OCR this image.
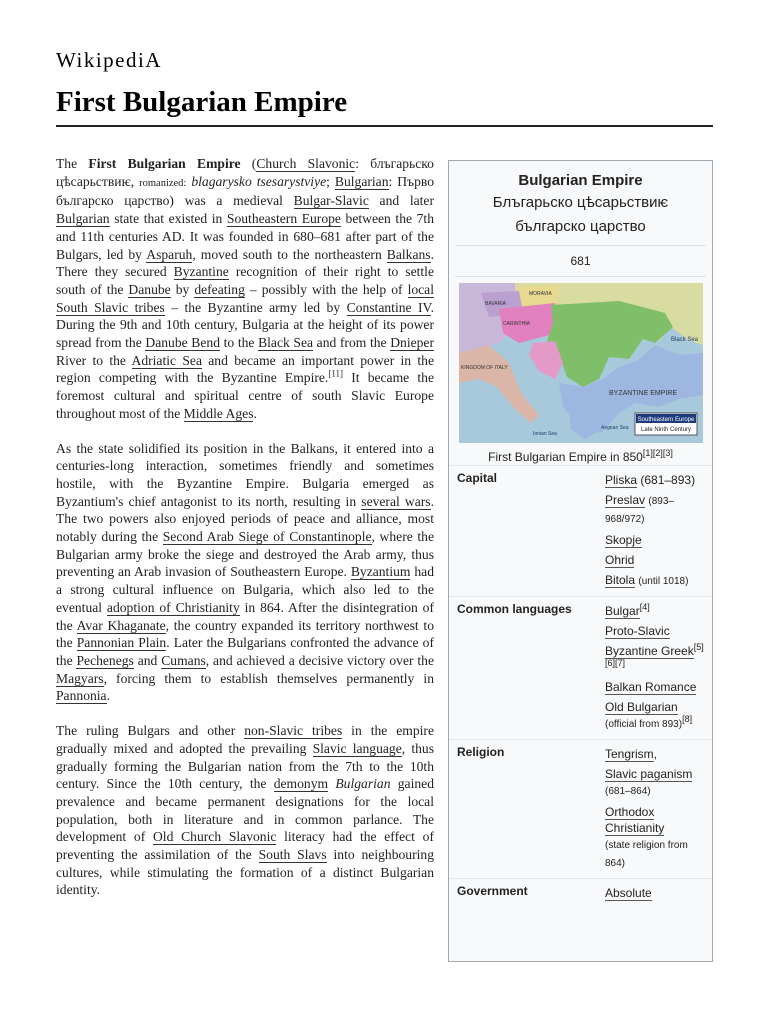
WikipediA
First Bulgarian Empire

The First Bulgarian Empire (Church Slavonic: блъгарьско цѣсарьствиѥ, romanized: blagarysko tsesarystviye; Bulgarian: Първо българско царство) was a medieval Bulgar-Slavic and later Bulgarian state that existed in Southeastern Europe between the 7th and 11th centuries AD. It was founded in 680–681 after part of the Bulgars, led by Asparuh, moved south to the northeastern Balkans. There they secured Byzantine recognition of their right to settle south of the Danube by defeating – possibly with the help of local South Slavic tribes – the Byzantine army led by Constantine IV. During the 9th and 10th century, Bulgaria at the height of its power spread from the Danube Bend to the Black Sea and from the Dnieper River to the Adriatic Sea and became an important power in the region competing with the Byzantine Empire.[11] It became the foremost cultural and spiritual centre of south Slavic Europe throughout most of the Middle Ages.

As the state solidified its position in the Balkans, it entered into a centuries-long interaction, sometimes friendly and sometimes hostile, with the Byzantine Empire. Bulgaria emerged as Byzantium's chief antagonist to its north, resulting in several wars. The two powers also enjoyed periods of peace and alliance, most notably during the Second Arab Siege of Constantinople, where the Bulgarian army broke the siege and destroyed the Arab army, thus preventing an Arab invasion of Southeastern Europe. Byzantium had a strong cultural influence on Bulgaria, which also led to the eventual adoption of Christianity in 864. After the disintegration of the Avar Khaganate, the country expanded its territory northwest to the Pannonian Plain. Later the Bulgarians confronted the advance of the Pechenegs and Cumans, and achieved a decisive victory over the Magyars, forcing them to establish themselves permanently in Pannonia.

The ruling Bulgars and other non-Slavic tribes in the empire gradually mixed and adopted the prevailing Slavic language, thus gradually forming the Bulgarian nation from the 7th to the 10th century. Since the 10th century, the demonym Bulgarian gained prevalence and became permanent designations for the local population, both in literature and in common parlance. The development of Old Church Slavonic literacy had the effect of preventing the assimilation of the South Slavs into neighbouring cultures, while stimulating the formation of a distinct Bulgarian identity.

Bulgarian Empire
Блъгарьско цѣсарьствиѥ
българско царство
681
Southeastern Europe
Late Ninth Century
MORAVIA
BAVARIA
CARINTHIA
KINGDOM OF ITALY
BYZANTINE EMPIRE
Black Sea
Aegean Sea
Ionian Sea
First Bulgarian Empire in 850[1][2][3]
Capital	Pliska (681–893)
Preslav (893–968/972)
Skopje
Ohrid
Bitola (until 1018)
Common languages	Bulgar[4]
Proto-Slavic
Byzantine Greek[5][6][7]
Balkan Romance
Old Bulgarian
(official from 893)[8]
Religion	Tengrism,
Slavic paganism (681–864)
Orthodox Christianity
(state religion from 864)
Government	Absolute
